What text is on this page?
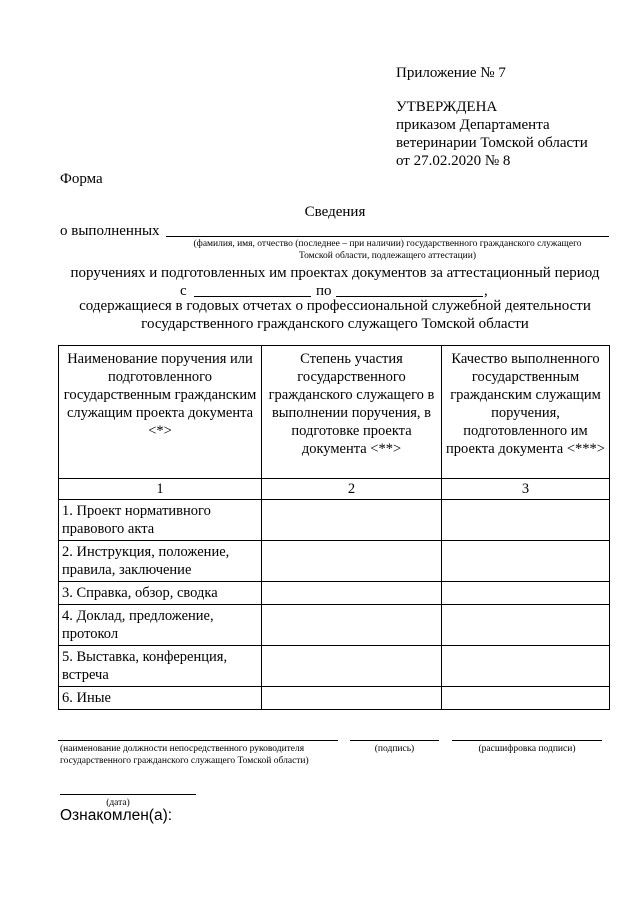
Приложение № 7
УТВЕРЖДЕНА
приказом Департамента
ветеринарии Томской области
от 27.02.2020 № 8
Форма
Сведения
о выполненных
(фамилия, имя, отчество (последнее – при наличии) государственного гражданского служащего
Томской области, подлежащего аттестации)
поручениях и подготовленных им проектах документов за аттестационный период
с	по	,
содержащиеся в годовых отчетах о профессиональной служебной деятельности
государственного гражданского служащего Томской области
Наименование поручения или подготовленного государственным гражданским служащим проекта документа <*>	Степень участия государственного гражданского служащего в выполнении поручения, в подготовке проекта документа <**>	Качество выполненного государственным гражданским служащим поручения, подготовленного им проекта документа <***>
1	2	3
1. Проект нормативного правового акта		
2. Инструкция, положение, правила, заключение		
3. Справка, обзор, сводка		
4. Доклад, предложение, протокол		
5. Выставка, конференция, встреча		
6. Иные		
(наименование должности непосредственного руководителя
государственного гражданского служащего Томской области)
(подпись)	(расшифровка подписи)
(дата)
Ознакомлен(а):
